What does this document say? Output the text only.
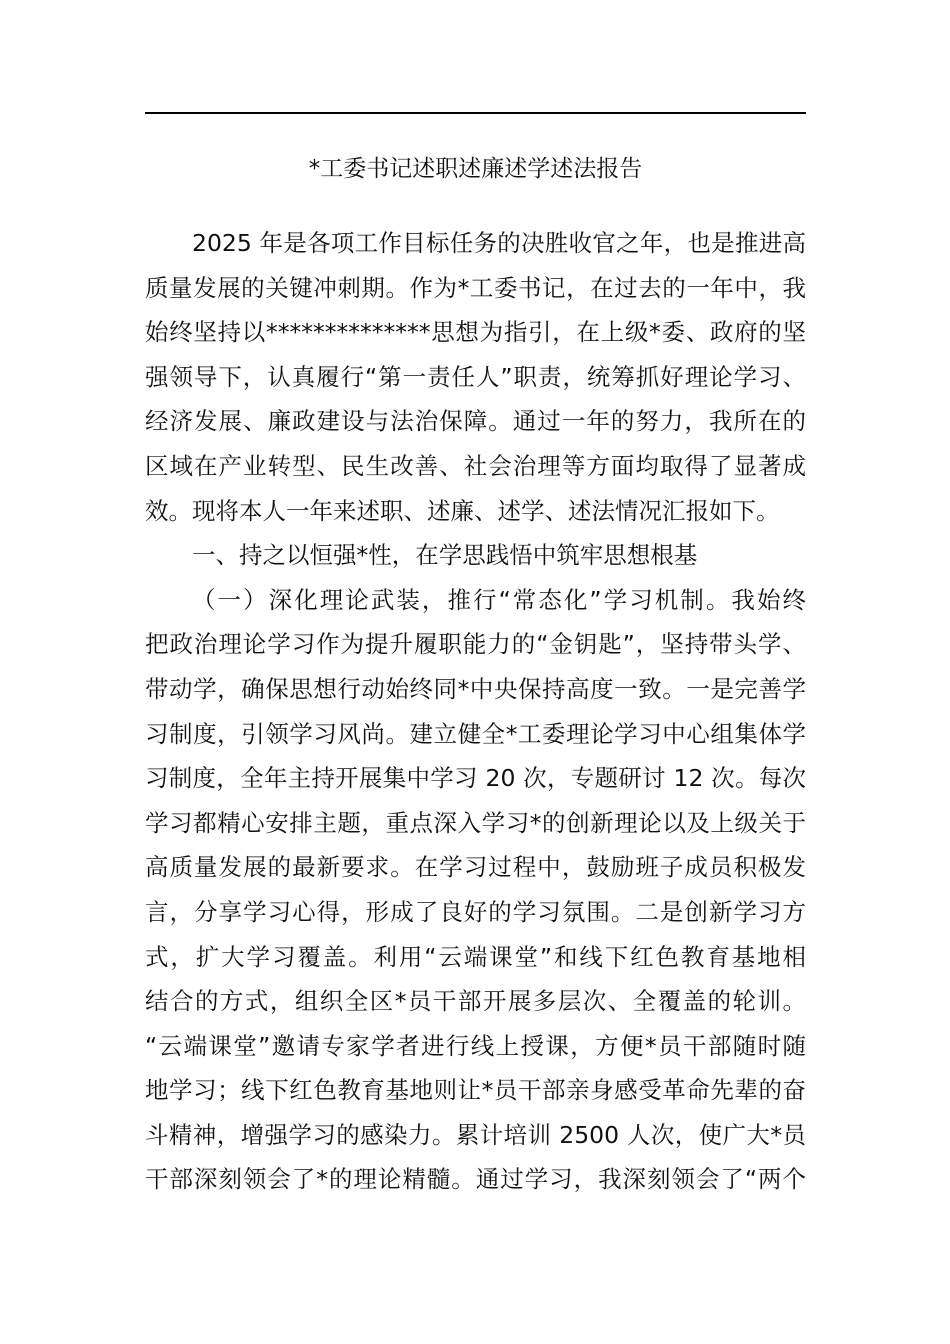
*工委书记述职述廉述学述法报告
2025 年是各项工作目标任务的决胜收官之年，也是推进高
质量发展的关键冲刺期。作为*工委书记，在过去的一年中，我
始终坚持以**************思想为指引，在上级*委、政府的坚
强领导下，认真履行“第一责任人”职责，统筹抓好理论学习、
经济发展、廉政建设与法治保障。通过一年的努力，我所在的
区域在产业转型、民生改善、社会治理等方面均取得了显著成
效。现将本人一年来述职、述廉、述学、述法情况汇报如下。
一、持之以恒强*性，在学思践悟中筑牢思想根基
（一）深化理论武装，推行“常态化”学习机制。我始终
把政治理论学习作为提升履职能力的“金钥匙”，坚持带头学、
带动学，确保思想行动始终同*中央保持高度一致。一是完善学
习制度，引领学习风尚。建立健全*工委理论学习中心组集体学
习制度，全年主持开展集中学习 20 次，专题研讨 12 次。每次
学习都精心安排主题，重点深入学习*的创新理论以及上级关于
高质量发展的最新要求。在学习过程中，鼓励班子成员积极发
言，分享学习心得，形成了良好的学习氛围。二是创新学习方
式，扩大学习覆盖。利用“云端课堂”和线下红色教育基地相
结合的方式，组织全区*员干部开展多层次、全覆盖的轮训。
“云端课堂”邀请专家学者进行线上授课，方便*员干部随时随
地学习；线下红色教育基地则让*员干部亲身感受革命先辈的奋
斗精神，增强学习的感染力。累计培训 2500 人次，使广大*员
干部深刻领会了*的理论精髓。通过学习，我深刻领会了“两个
